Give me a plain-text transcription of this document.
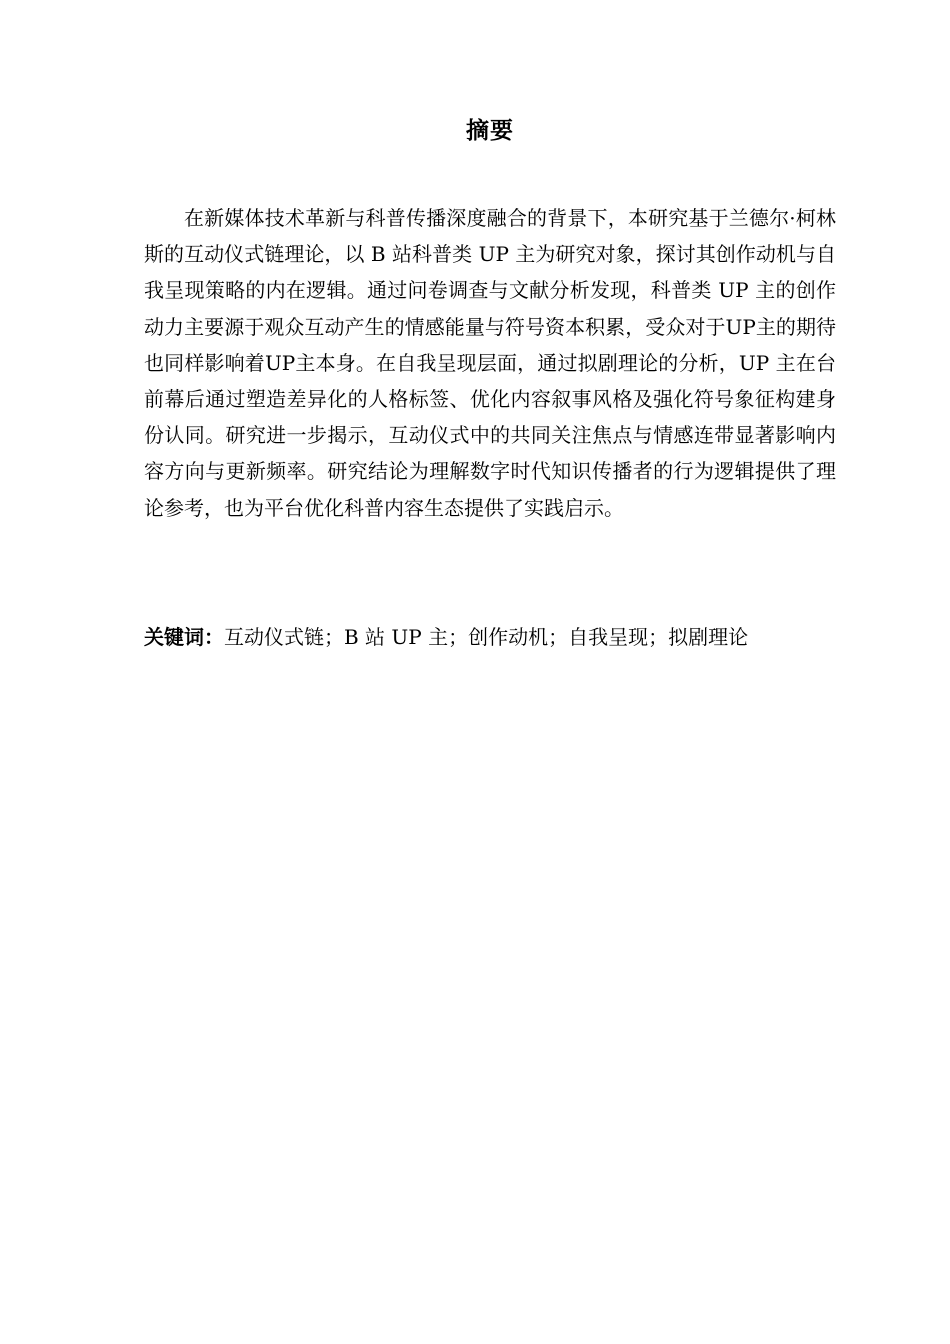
摘要

在新媒体技术革新与科普传播深度融合的背景下，本研究基于兰德尔·柯林斯的互动仪式链理论，以 B 站科普类 UP 主为研究对象，探讨其创作动机与自我呈现策略的内在逻辑。通过问卷调查与文献分析发现，科普类 UP 主的创作动力主要源于观众互动产生的情感能量与符号资本积累，受众对于UP主的期待也同样影响着UP主本身。在自我呈现层面，通过拟剧理论的分析，UP 主在台前幕后通过塑造差异化的人格标签、优化内容叙事风格及强化符号象征构建身份认同。研究进一步揭示，互动仪式中的共同关注焦点与情感连带显著影响内容方向与更新频率。研究结论为理解数字时代知识传播者的行为逻辑提供了理论参考，也为平台优化科普内容生态提供了实践启示。

关键词：互动仪式链；B 站 UP 主；创作动机；自我呈现；拟剧理论
